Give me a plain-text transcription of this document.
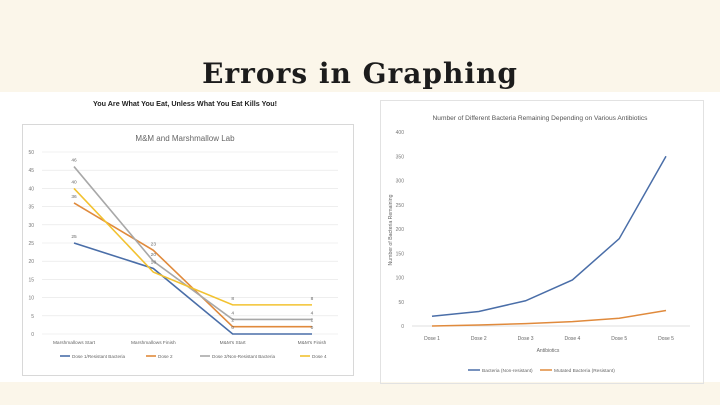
Errors in Graphing
You Are What You Eat, Unless What You Eat Kills You!
M&M and Marshmallow Lab
0
5
10
15
20
25
30
35
40
45
50
Marshmallows Start	Marshmallows Finish	M&M's Start	M&M's Finish
46
40
36
25
23
20
18
8
4
2
0
8
4
2
0
Dose 1/Resistant Bacteria	Dose 2	Dose 3/Non-Resistant Bacteria	Dose 4
Number of Different Bacteria Remaining Depending on Various Antibiotics
0
50
100
150
200
250
300
350
400
Dose 1	Dose 2	Dose 3	Dose 4	Dose 5	Dose 5
Antibiotics
Number of Bacteria Remaining
Bacteria (Non-resistant)	Mutated Bacteria (Resistant)
